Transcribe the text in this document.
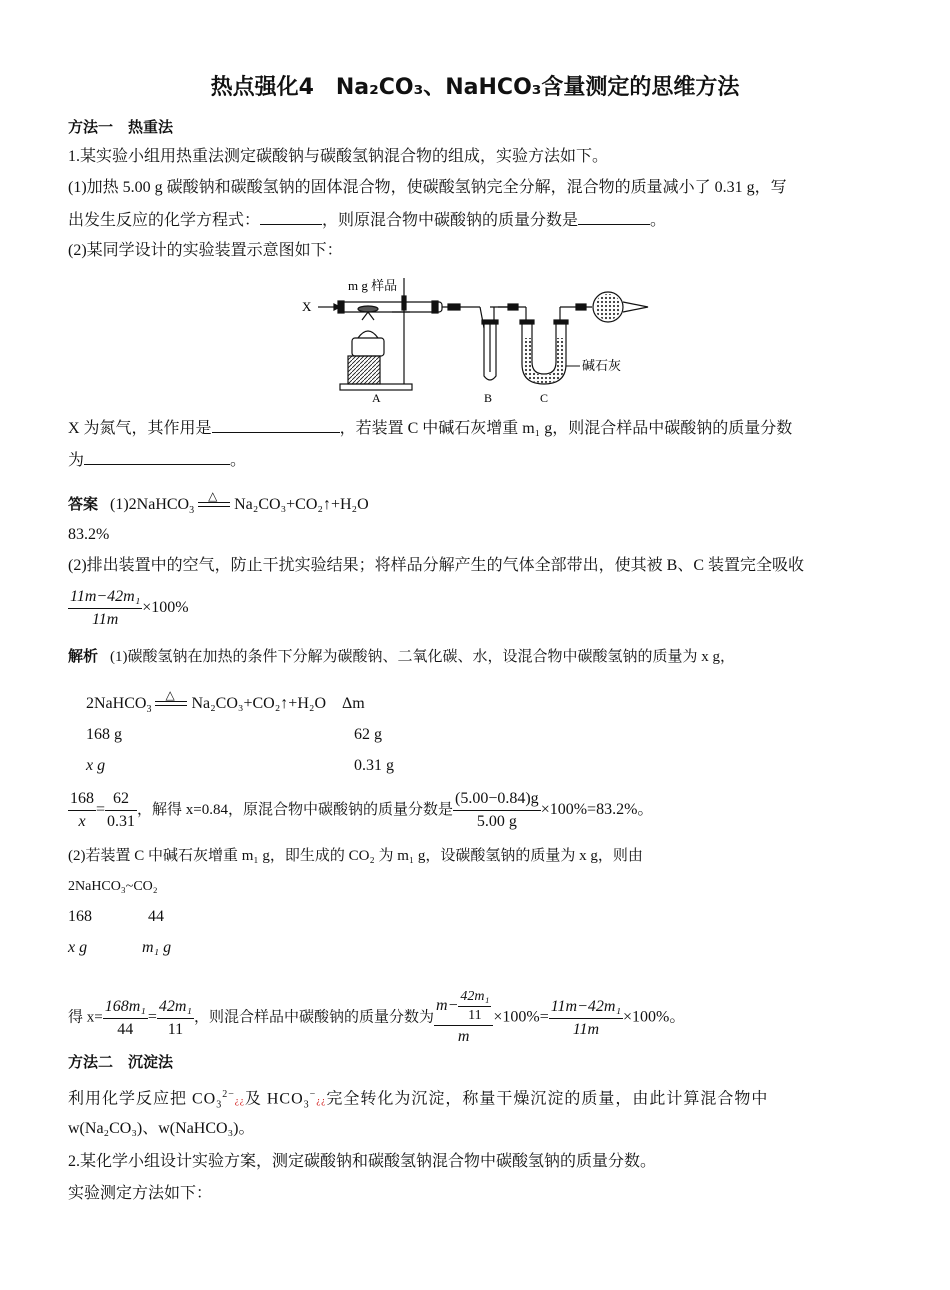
热点强化4　Na₂CO₃、NaHCO₃含量测定的思维方法
方法一　热重法
1.某实验小组用热重法测定碳酸钠与碳酸氢钠混合物的组成，实验方法如下。
(1)加热 5.00 g 碳酸钠和碳酸氢钠的固体混合物，使碳酸氢钠完全分解，混合物的质量减小了 0.31 g，写
出发生反应的化学方程式：	，则原混合物中碳酸钠的质量分数是	。
(2)某同学设计的实验装置示意图如下：
m g 样品
X
碱石灰
A	B	C
X 为氮气，其作用是	，若装置 C 中碱石灰增重 m₁ g，则混合样品中碳酸钠的质量分数
为	。
答案 (1)2NaHCO$_3$
△ Na₂CO₃+CO₂↑+H₂O
83.2%
(2)排出装置中的空气，防止干扰实验结果；将样品分解产生的气体全部带出，使其被 B、C 装置完全吸收
$\frac{\text{11m−42m₁}}{11m} \times 100\%$
解析 (1)碳酸氢钠在加热的条件下分解为碳酸钠、二氧化碳、水，设混合物中碳酸氢钠的质量为 x g，
2NaHCO$_3$
△ Na₂CO₃+CO₂↑+H₂O　Δm
168 g	62 g
x g	0.31 g
$\frac{168}{x} = \frac{62}{0.31}$ ，解得 x=0.84，原混合物中碳酸钠的质量分数是 $\frac{(5.00-0.84)g}{5.00 g} \times 100\%=83.2\%$。
(2)若装置 C 中碱石灰增重 m₁ g，即生成的 CO₂ 为 m₁ g，设碳酸氢钠的质量为 x g，则由
2NaHCO₃~CO₂
168	44
x g	m₁ g
得 $x= \frac{\text{168m₁}}{44} = \frac{\text{42m₁}}{11}$ ，则混合样品中碳酸钠的质量分数为 $\frac{m- \frac{\text{42m₁}}{11}}{m} \times 100\%= \frac{\text{11m−42m₁}}{11m} \times 100\%$。
方法二　沉淀法
利用化学反应把 $CO_3^{2-}¿¿$及 $HCO_3^-¿¿$完全转化为沉淀，称量干燥沉淀的质量，由此计算混合物中
w(Na₂CO₃)、w(NaHCO₃)。
2.某化学小组设计实验方案，测定碳酸钠和碳酸氢钠混合物中碳酸氢钠的质量分数。
实验测定方法如下：
